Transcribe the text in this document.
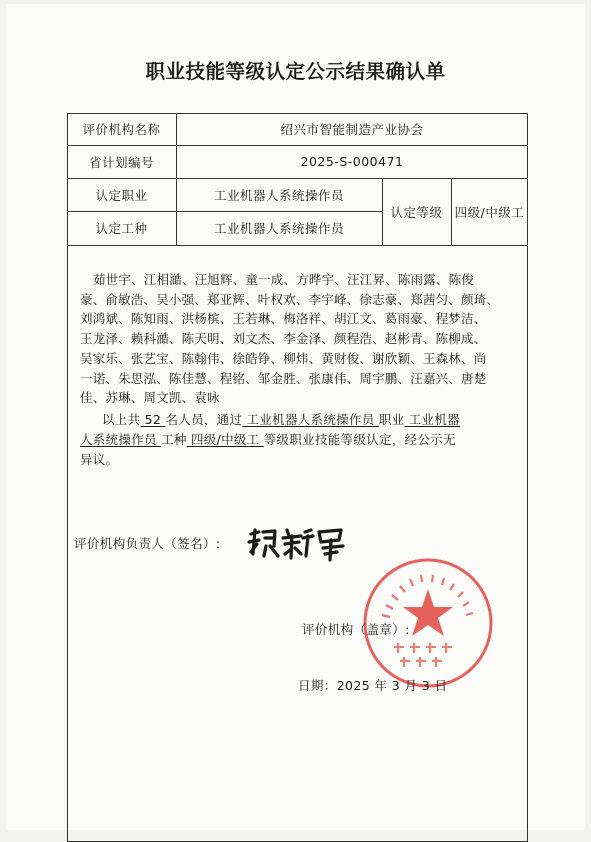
职业技能等级认定公示结果确认单
评价机构名称	绍兴市智能制造产业协会
省计划编号	2025-S-000471
认定职业	工业机器人系统操作员
认定工种	工业机器人系统操作员
认定等级 四级/中级工
茹世宇、江相澔、汪旭辉、童一成、方晔宇、汪江昇、陈雨露、陈俊
豪、俞敏浩、吴小强、郑亚辉、叶权欢、李宇峰、徐志豪、郑茜匀、颜琦、
刘鸿斌、陈知雨、洪杨槟、王若琳、梅洛祥、胡江文、葛雨豪、程梦洁、
王龙泽、赖科澔、陈天明、刘文杰、李金泽、颜程浩、赵彬青、陈柳成、
吴家乐、张艺宝、陈翰伟、徐皓铮、柳炜、黄财俊、谢欣颖、王森林、尚
一诺、朱思泓、陈佳慧、程铭、邹金胜、张康伟、周宇鹏、汪嘉兴、唐楚
佳、苏琳、周文凯、袁咏
以上共 52 名人员，通过 工业机器人系统操作员 职业 工业机器
人系统操作员 工种 四级/中级工 等级职业技能等级认定，经公示无
异议。
评价机构负责人（签名）:
评价机构（盖章）:
日期：2025 年 3 月 3 日
